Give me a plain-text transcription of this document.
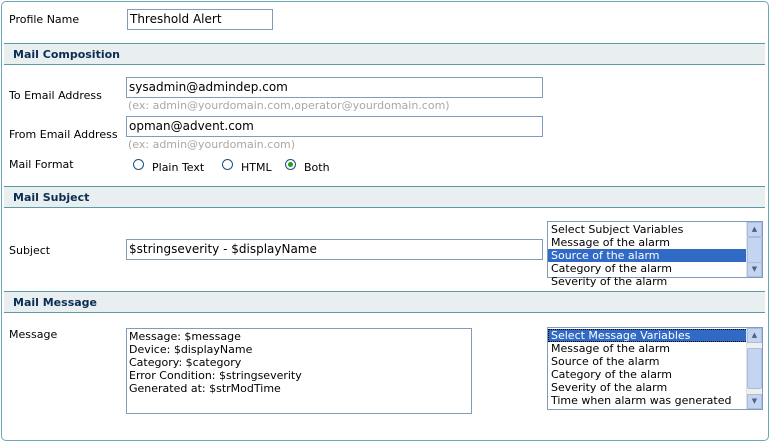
Profile Name	Threshold Alert
Mail Composition
To Email Address
sysadmin@admindep.com
(ex: admin@yourdomain.com,operator@yourdomain.com)
From Email Address
opman@advent.com
(ex: admin@yourdomain.com)
Mail Format	Plain Text	HTML	Both
Mail Subject
Subject	$stringseverity - $displayName
Select Subject Variables
Message of the alarm
Source of the alarm
Category of the alarm
Severity of the alarm
▲
▼
Mail Message
Message	Message: $message
Device: $displayName
Category: $category
Error Condition: $stringseverity
Generated at: $strModTime
Select Message Variables
Message of the alarm
Source of the alarm
Category of the alarm
Severity of the alarm
Time when alarm was generated
▲
▼
